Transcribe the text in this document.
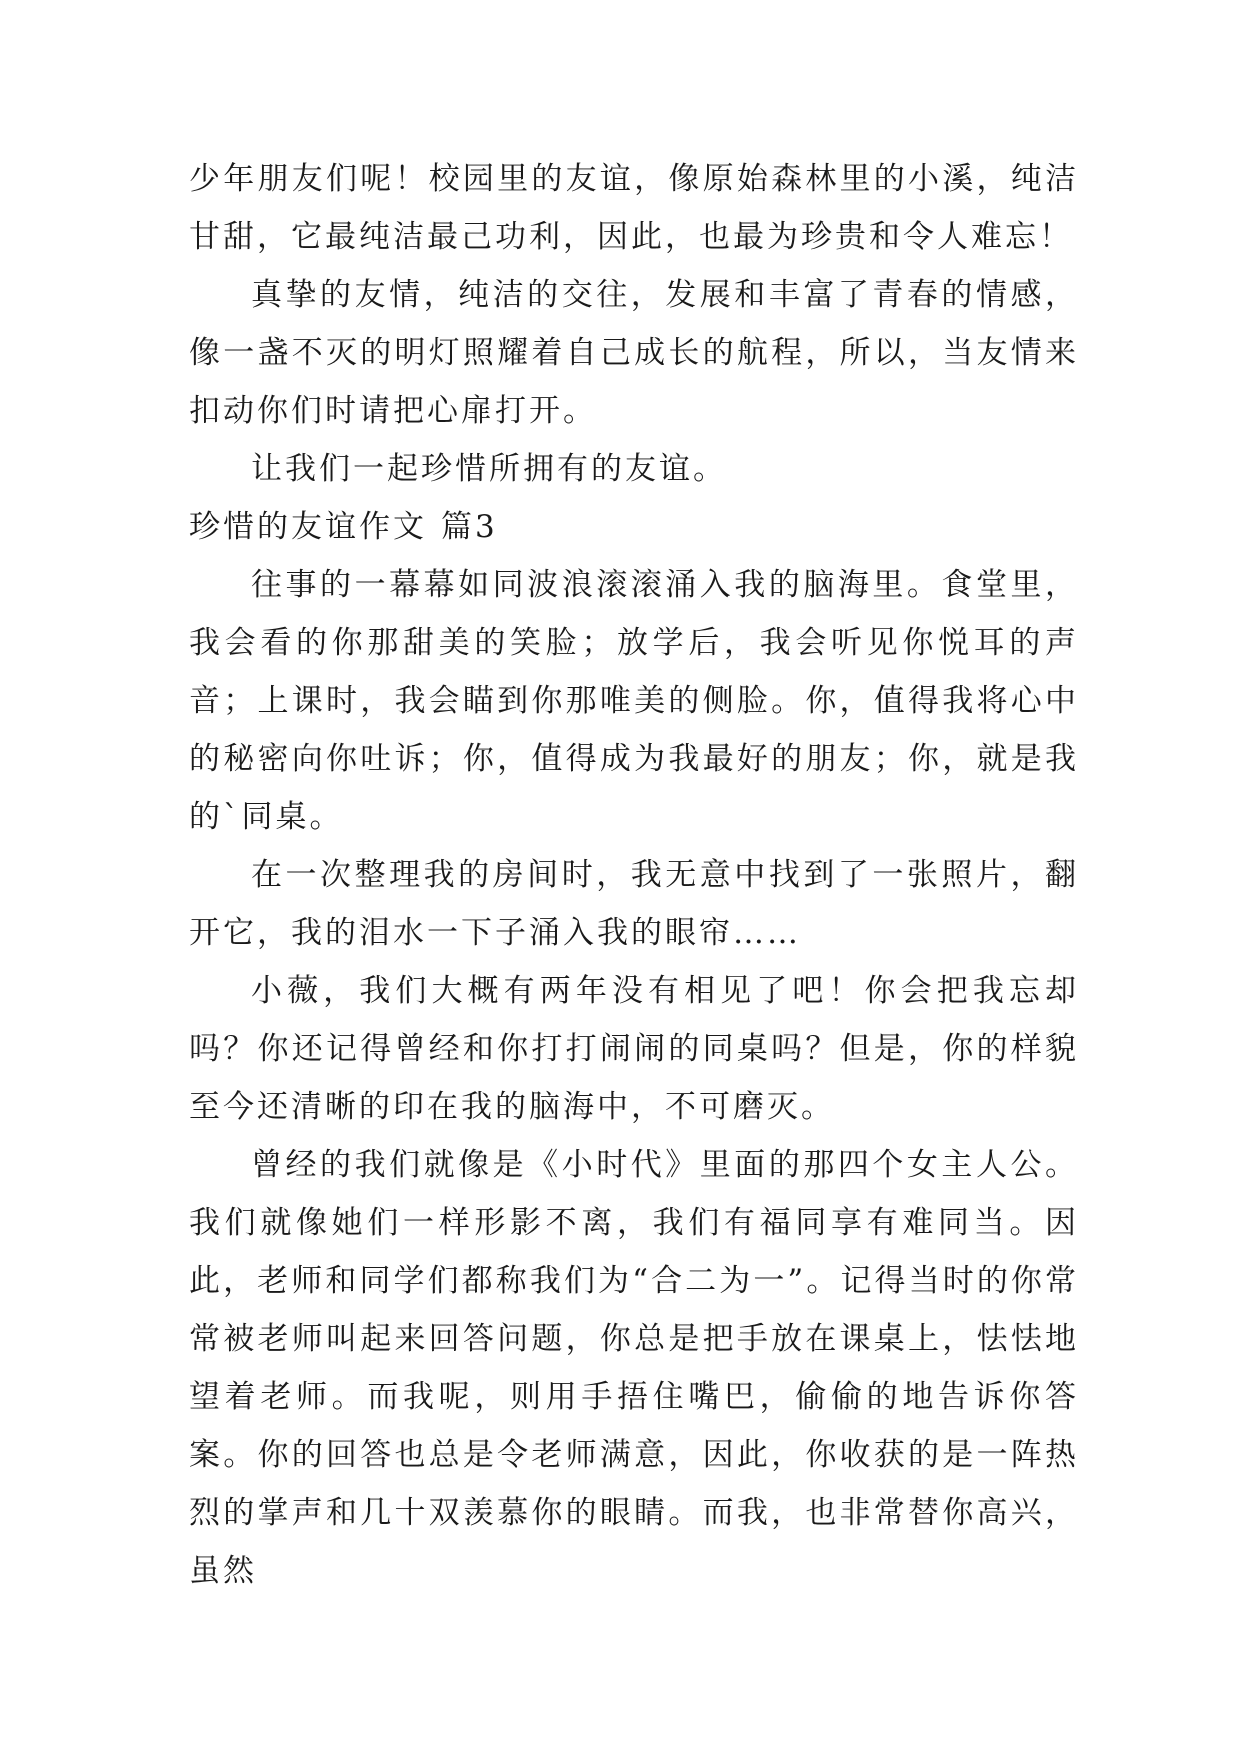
少年朋友们呢！校园里的友谊，像原始森林里的小溪，纯洁甘甜，它最纯洁最己功利，因此，也最为珍贵和令人难忘！

真挚的友情，纯洁的交往，发展和丰富了青春的情感，像一盏不灭的明灯照耀着自己成长的航程，所以，当友情来扣动你们时请把心扉打开。

让我们一起珍惜所拥有的友谊。

珍惜的友谊作文 篇3

往事的一幕幕如同波浪滚滚涌入我的脑海里。食堂里，我会看的你那甜美的笑脸；放学后，我会听见你悦耳的声音；上课时，我会瞄到你那唯美的侧脸。你，值得我将心中的秘密向你吐诉；你，值得成为我最好的朋友；你，就是我的`同桌。

在一次整理我的房间时，我无意中找到了一张照片，翻开它，我的泪水一下子涌入我的眼帘……

小薇，我们大概有两年没有相见了吧！你会把我忘却吗？你还记得曾经和你打打闹闹的同桌吗？但是，你的样貌至今还清晰的印在我的脑海中，不可磨灭。

曾经的我们就像是《小时代》里面的那四个女主人公。我们就像她们一样形影不离，我们有福同享有难同当。因此，老师和同学们都称我们为“合二为一”。记得当时的你常常被老师叫起来回答问题，你总是把手放在课桌上，怯怯地望着老师。而我呢，则用手捂住嘴巴，偷偷的地告诉你答案。你的回答也总是令老师满意，因此，你收获的是一阵热烈的掌声和几十双羡慕你的眼睛。而我，也非常替你高兴，虽然
